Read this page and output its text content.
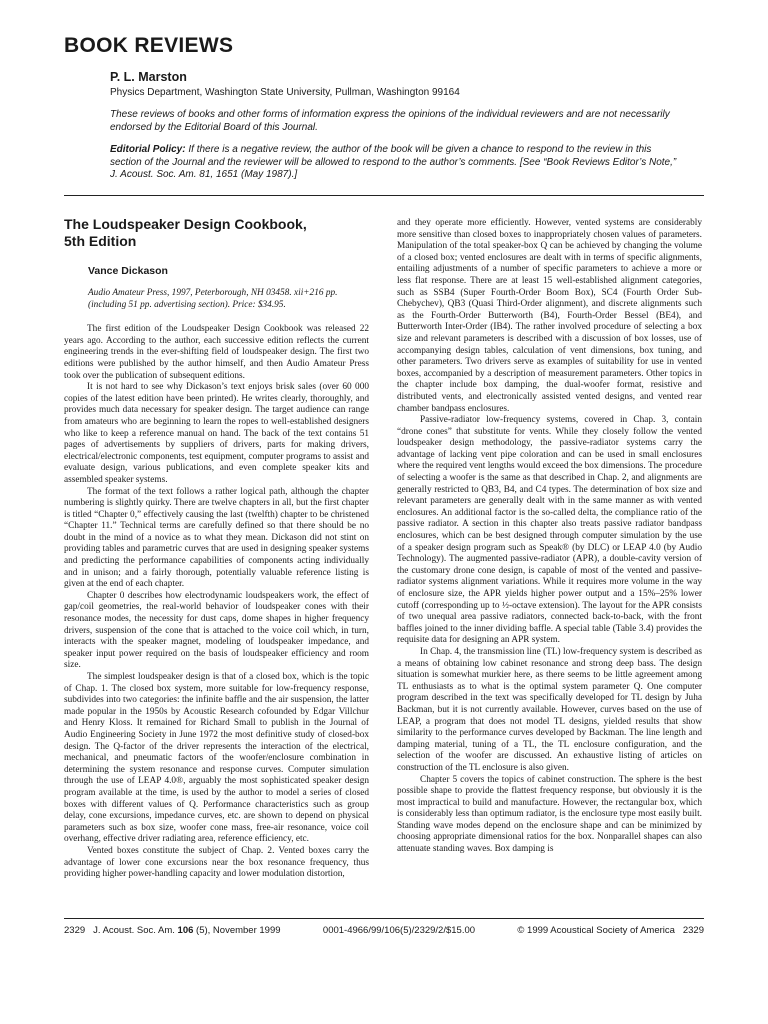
BOOK REVIEWS

P. L. Marston

Physics Department, Washington State University, Pullman, Washington 99164

These reviews of books and other forms of information express the opinions of the individual reviewers and are not necessarily endorsed by the Editorial Board of this Journal.

Editorial Policy: If there is a negative review, the author of the book will be given a chance to respond to the review in this section of the Journal and the reviewer will be allowed to respond to the author’s comments. [See “Book Reviews Editor’s Note,” J. Acoust. Soc. Am. 81, 1651 (May 1987).]

The Loudspeaker Design Cookbook,
5th Edition

Vance Dickason

Audio Amateur Press, 1997, Peterborough, NH 03458. xii+216 pp. (including 51 pp. advertising section). Price: $34.95.

The first edition of the Loudspeaker Design Cookbook was released 22 years ago. According to the author, each successive edition reflects the current engineering trends in the ever-shifting field of loudspeaker design. The first two editions were published by the author himself, and then Audio Amateur Press took over the publication of subsequent editions.

It is not hard to see why Dickason’s text enjoys brisk sales (over 60 000 copies of the latest edition have been printed). He writes clearly, thoroughly, and provides much data necessary for speaker design. The target audience can range from amateurs who are beginning to learn the ropes to well-established designers who like to keep a reference manual on hand. The back of the text contains 51 pages of advertisements by suppliers of drivers, parts for making drivers, electrical/electronic components, test equipment, computer programs to assist and evaluate design, various publications, and even complete speaker kits and assembled speaker systems.

The format of the text follows a rather logical path, although the chapter numbering is slightly quirky. There are twelve chapters in all, but the first chapter is titled “Chapter 0,” effectively causing the last (twelfth) chapter to be christened “Chapter 11.” Technical terms are carefully defined so that there should be no doubt in the mind of a novice as to what they mean. Dickason did not stint on providing tables and parametric curves that are used in designing speaker systems and predicting the performance capabilities of components acting individually and in unison; and a fairly thorough, potentially valuable reference listing is given at the end of each chapter.

Chapter 0 describes how electrodynamic loudspeakers work, the effect of gap/coil geometries, the real-world behavior of loudspeaker cones with their resonance modes, the necessity for dust caps, dome shapes in higher frequency drivers, suspension of the cone that is attached to the voice coil which, in turn, interacts with the speaker magnet, modeling of loudspeaker impedance, and speaker input power required on the basis of loudspeaker efficiency and room size.

The simplest loudspeaker design is that of a closed box, which is the topic of Chap. 1. The closed box system, more suitable for low-frequency response, subdivides into two categories: the infinite baffle and the air suspension, the latter made popular in the 1950s by Acoustic Research cofounded by Edgar Villchur and Henry Kloss. It remained for Richard Small to publish in the Journal of Audio Engineering Society in June 1972 the most definitive study of closed-box design. The Q-factor of the driver represents the interaction of the electrical, mechanical, and pneumatic factors of the woofer/enclosure combination in determining the system resonance and response curves. Computer simulation through the use of LEAP 4.0®, arguably the most sophisticated speaker design program available at the time, is used by the author to model a series of closed boxes with different values of Q. Performance characteristics such as group delay, cone excursions, impedance curves, etc. are shown to depend on physical parameters such as box size, woofer cone mass, free-air resonance, voice coil overhang, effective driver radiating area, reference efficiency, etc.

Vented boxes constitute the subject of Chap. 2. Vented boxes carry the advantage of lower cone excursions near the box resonance frequency, thus providing higher power-handling capacity and lower modulation distortion,

and they operate more efficiently. However, vented systems are considerably more sensitive than closed boxes to inappropriately chosen values of parameters. Manipulation of the total speaker-box Q can be achieved by changing the volume of a closed box; vented enclosures are dealt with in terms of specific alignments, entailing adjustments of a number of specific parameters to achieve a more or less flat response. There are at least 15 well-established alignment categories, such as SSB4 (Super Fourth-Order Boom Box), SC4 (Fourth Order Sub-Chebychev), QB3 (Quasi Third-Order alignment), and discrete alignments such as the Fourth-Order Butterworth (B4), Fourth-Order Bessel (BE4), and Butterworth Inter-Order (IB4). The rather involved procedure of selecting a box size and relevant parameters is described with a discussion of box losses, use of accompanying design tables, calculation of vent dimensions, box tuning, and other parameters. Two drivers serve as examples of suitability for use in vented boxes, accompanied by a description of measurement parameters. Other topics in the chapter include box damping, the dual-woofer format, resistive and distributed vents, and electronically assisted vented designs, and vented rear chamber bandpass enclosures.

Passive-radiator low-frequency systems, covered in Chap. 3, contain “drone cones” that substitute for vents. While they closely follow the vented loudspeaker design methodology, the passive-radiator systems carry the advantage of lacking vent pipe coloration and can be used in small enclosures where the required vent lengths would exceed the box dimensions. The procedure of selecting a woofer is the same as that described in Chap. 2, and alignments are generally restricted to QB3, B4, and C4 types. The determination of box size and relevant parameters are generally dealt with in the same manner as with vented enclosures. An additional factor is the so-called delta, the compliance ratio of the passive radiator. A section in this chapter also treats passive radiator bandpass enclosures, which can be best designed through computer simulation by the use of a speaker design program such as Speak® (by DLC) or LEAP 4.0 (by Audio Technology). The augmented passive-radiator (APR), a double-cavity version of the customary drone cone design, is capable of most of the vented and passive-radiator systems alignment variations. While it requires more volume in the way of enclosure size, the APR yields higher power output and a 15%–25% lower cutoff (corresponding up to ½-octave extension). The layout for the APR consists of two unequal area passive radiators, connected back-to-back, with the front baffles joined to the inner dividing baffle. A special table (Table 3.4) provides the requisite data for designing an APR system.

In Chap. 4, the transmission line (TL) low-frequency system is described as a means of obtaining low cabinet resonance and strong deep bass. The design situation is somewhat murkier here, as there seems to be little agreement among TL enthusiasts as to what is the optimal system parameter Q. One computer program described in the text was specifically developed for TL design by Juha Backman, but it is not currently available. However, curves based on the use of LEAP, a program that does not model TL designs, yielded results that show similarity to the performance curves developed by Backman. The line length and damping material, tuning of a TL, the TL enclosure configuration, and the selection of the woofer are discussed. An exhaustive listing of articles on construction of the TL enclosure is also given.

Chapter 5 covers the topics of cabinet construction. The sphere is the best possible shape to provide the flattest frequency response, but obviously it is the most impractical to build and manufacture. However, the rectangular box, which is considerably less than optimum radiator, is the enclosure type most easily built. Standing wave modes depend on the enclosure shape and can be minimized by choosing appropriate dimensional ratios for the box. Nonparallel shapes can also attenuate standing waves. Box damping is

2329 J. Acoust. Soc. Am. 106 (5), November 1999	0001-4966/99/106(5)/2329/2/$15.00	© 1999 Acoustical Society of America 2329
